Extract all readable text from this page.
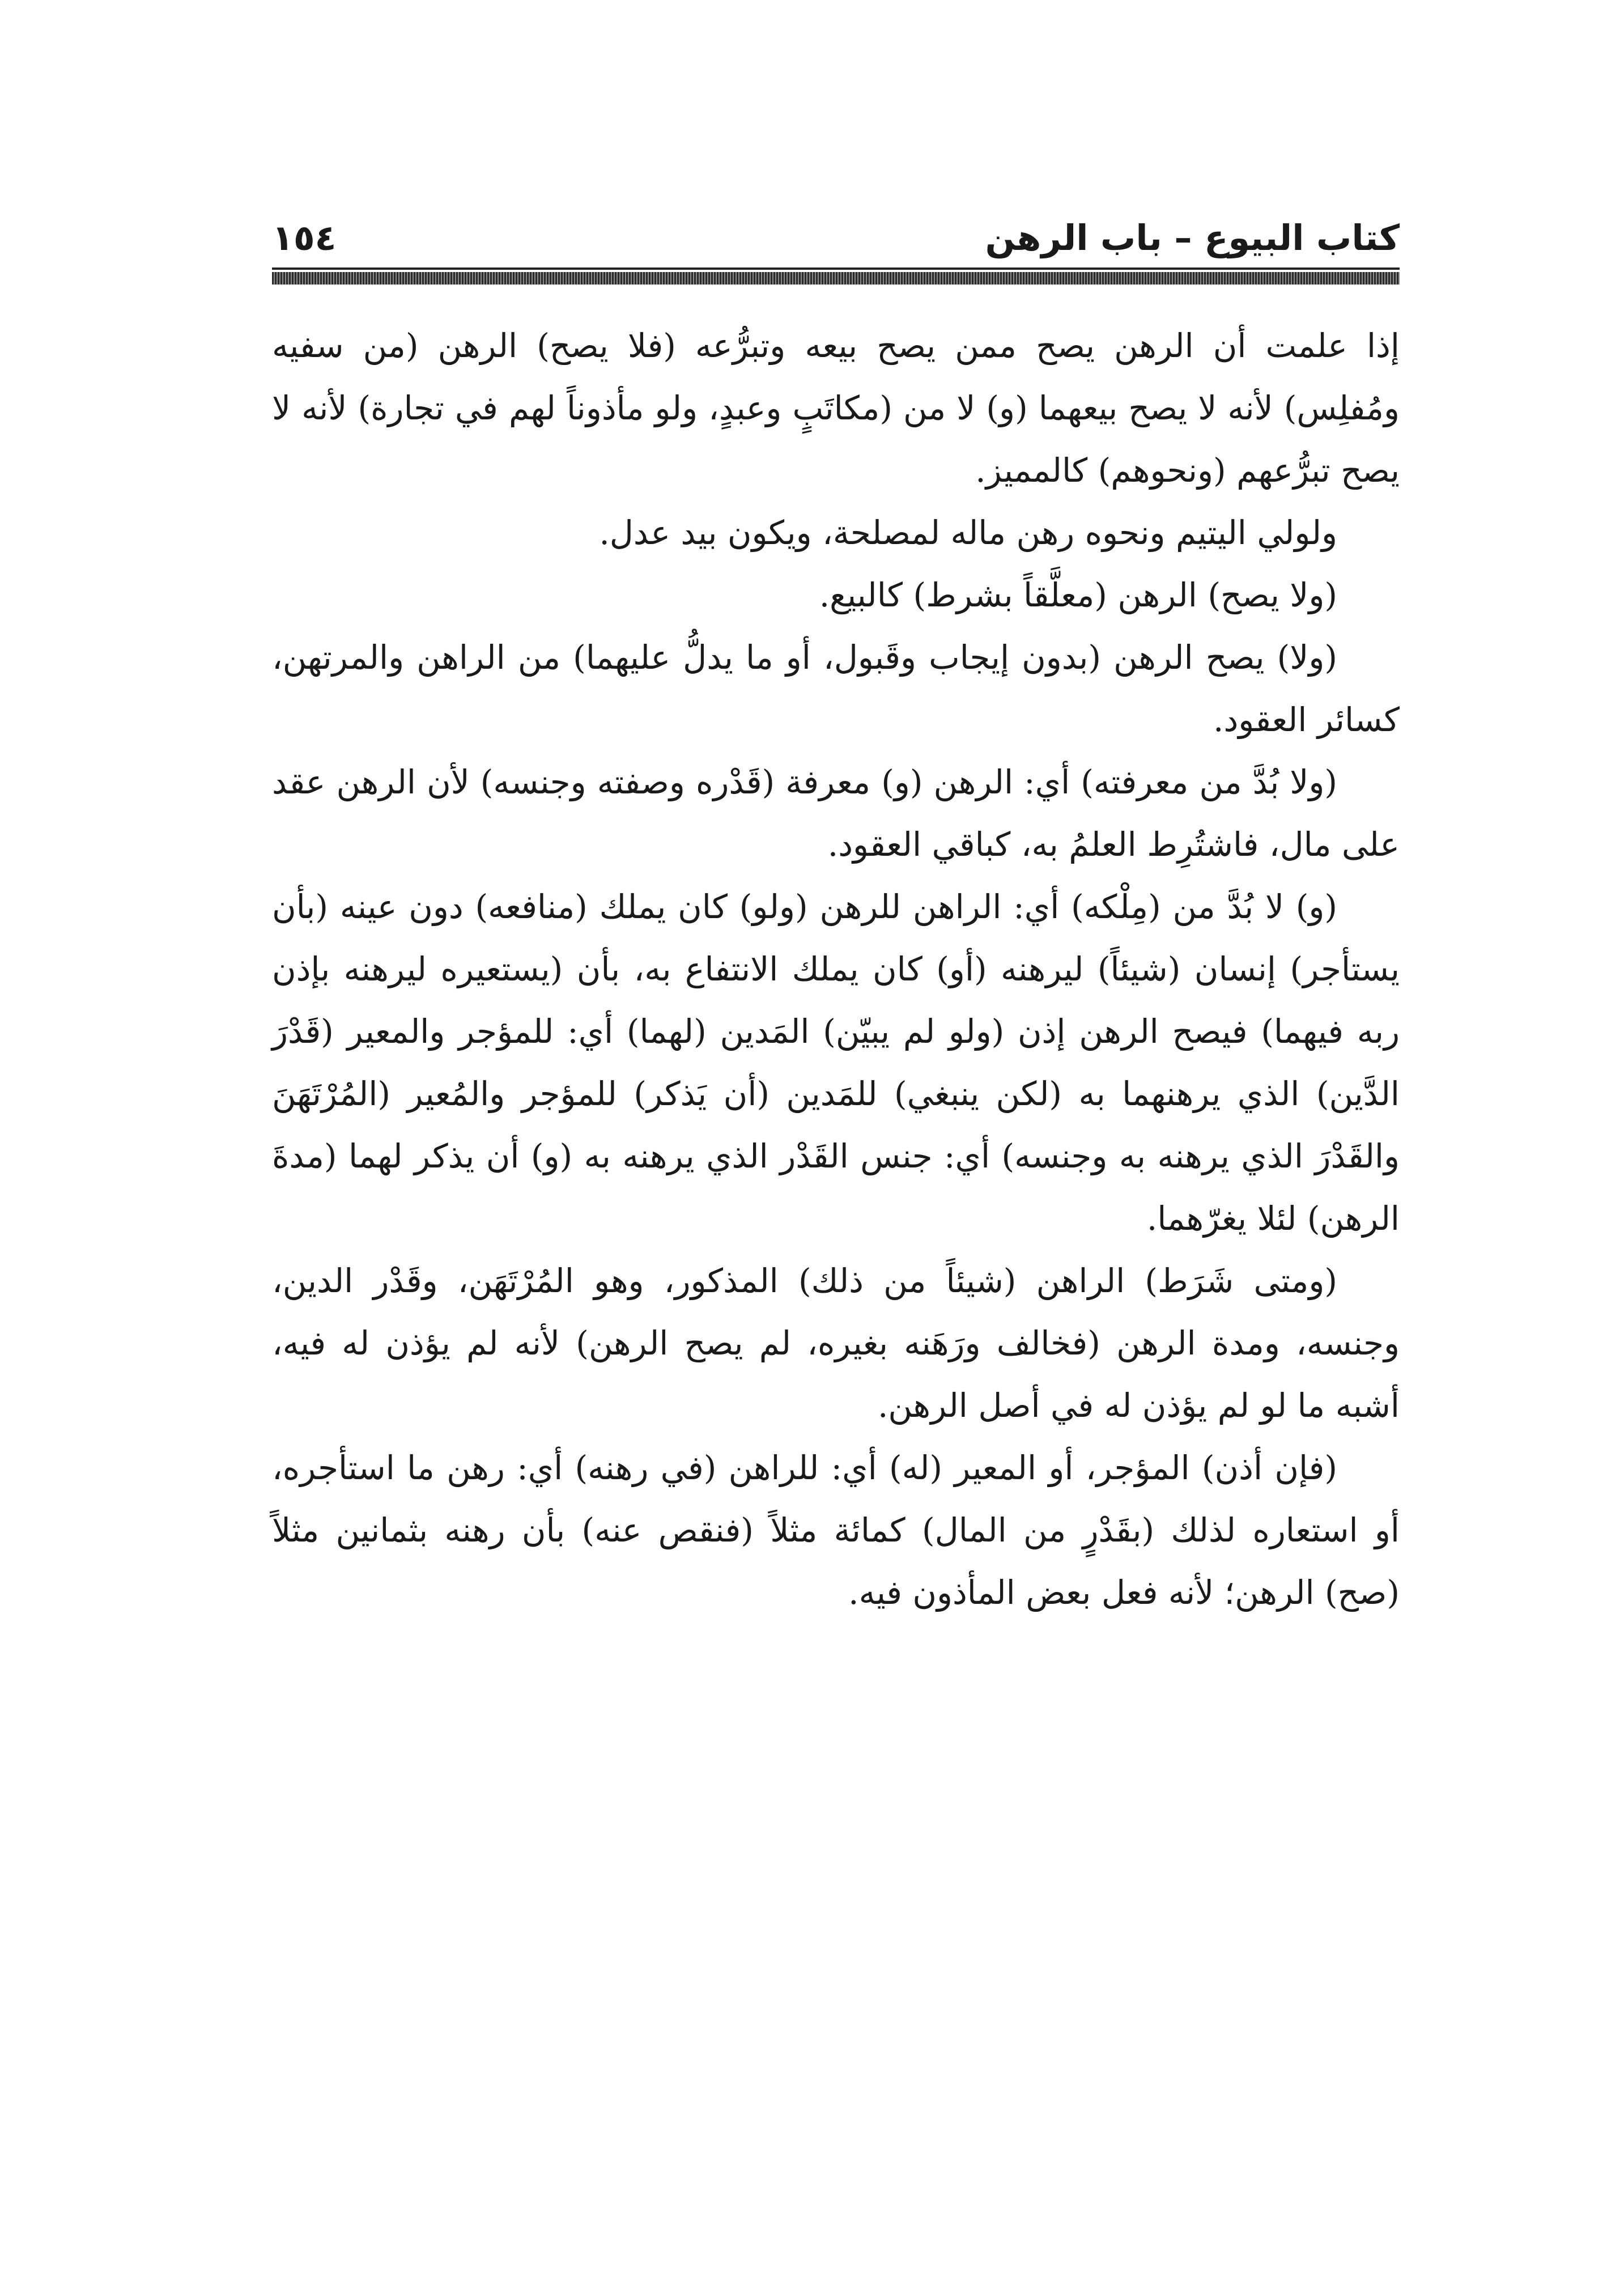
كتاب البيوع – باب الرهن
١٥٤

إذا علمت أن الرهن يصح ممن يصح بيعه وتبرُّعه (فلا يصح) الرهن (من سفيه ومُفلِس) لأنه لا يصح بيعهما (و) لا من (مكاتَبٍ وعبدٍ، ولو مأذوناً لهم في تجارة) لأنه لا يصح تبرُّعهم (ونحوهم) كالمميز.

ولولي اليتيم ونحوه رهن ماله لمصلحة، ويكون بيد عدل.

(ولا يصح) الرهن (معلَّقاً بشرط) كالبيع.

(ولا) يصح الرهن (بدون إيجاب وقَبول، أو ما يدلُّ عليهما) من الراهن والمرتهن، كسائر العقود.

(ولا بُدَّ من معرفته) أي: الرهن (و) معرفة (قَدْره وصفته وجنسه) لأن الرهن عقد على مال، فاشتُرِط العلمُ به، كباقي العقود.

(و) لا بُدَّ من (مِلْكه) أي: الراهن للرهن (ولو) كان يملك (منافعه) دون عينه (بأن يستأجر) إنسان (شيئاً) ليرهنه (أو) كان يملك الانتفاع به، بأن (يستعيره ليرهنه بإذن ربه فيهما) فيصح الرهن إذن (ولو لم يبيّن) المَدين (لهما) أي: للمؤجر والمعير (قَدْرَ الدَّين) الذي يرهنهما به (لكن ينبغي) للمَدين (أن يَذكر) للمؤجر والمُعير (المُرْتَهَنَ والقَدْرَ الذي يرهنه به وجنسه) أي: جنس القَدْر الذي يرهنه به (و) أن يذكر لهما (مدةَ الرهن) لئلا يغرّهما.

(ومتى شَرَط) الراهن (شيئاً من ذلك) المذكور، وهو المُرْتَهَن، وقَدْر الدين، وجنسه، ومدة الرهن (فخالف ورَهَنه بغيره، لم يصح الرهن) لأنه لم يؤذن له فيه، أشبه ما لو لم يؤذن له في أصل الرهن.

(فإن أذن) المؤجر، أو المعير (له) أي: للراهن (في رهنه) أي: رهن ما استأجره، أو استعاره لذلك (بقَدْرٍ من المال) كمائة مثلاً (فنقص عنه) بأن رهنه بثمانين مثلاً (صح) الرهن؛ لأنه فعل بعض المأذون فيه.
